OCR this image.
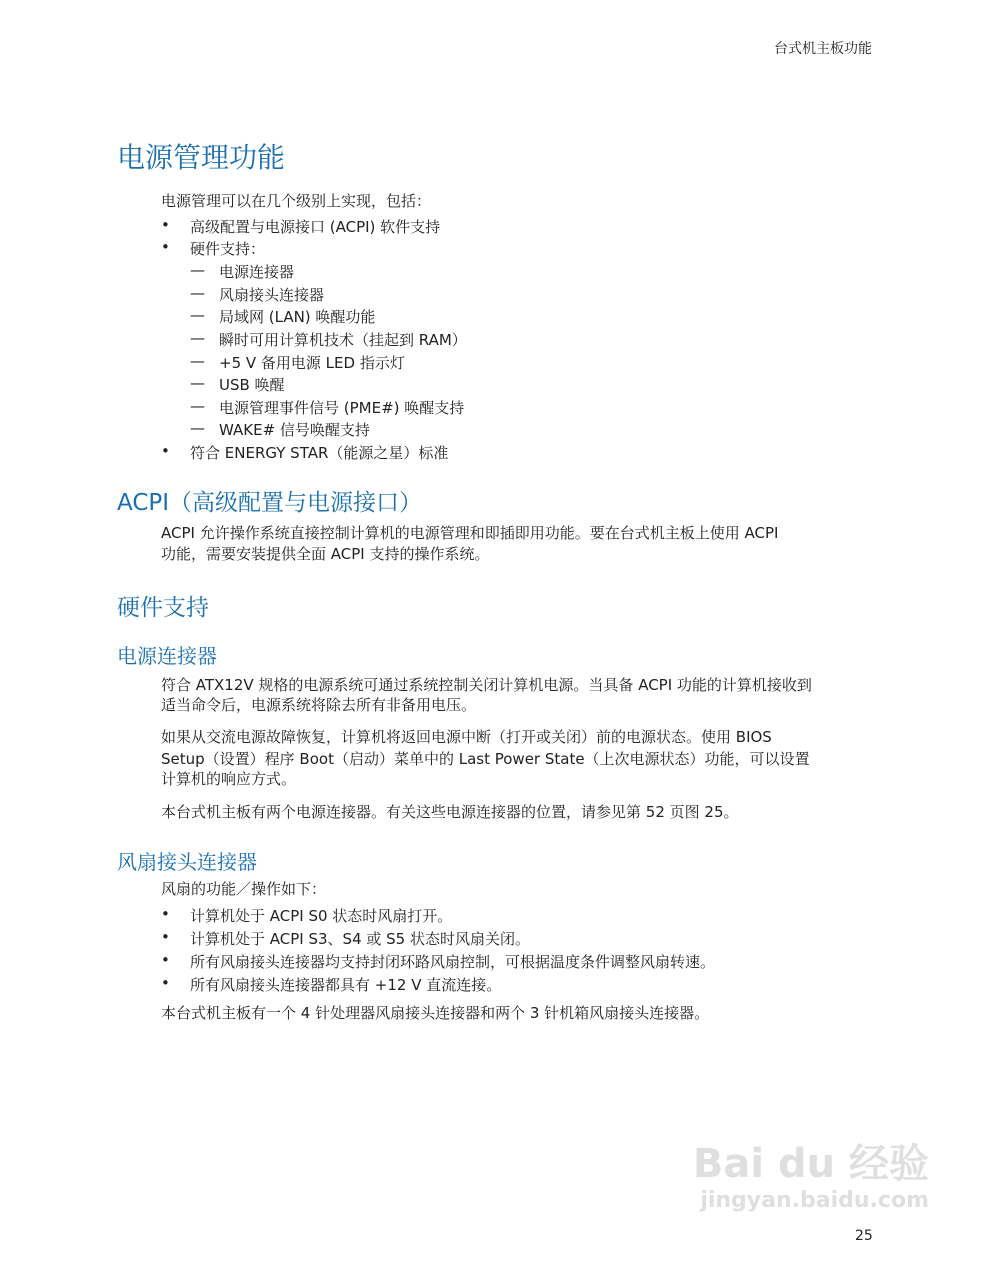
台式机主板功能
电源管理功能
电源管理可以在几个级别上实现，包括：
• 高级配置与电源接口 (ACPI) 软件支持
• 硬件支持：
— 电源连接器
— 风扇接头连接器
— 局域网 (LAN) 唤醒功能
— 瞬时可用计算机技术（挂起到 RAM）
— +5 V 备用电源 LED 指示灯
— USB 唤醒
— 电源管理事件信号 (PME#) 唤醒支持
— WAKE# 信号唤醒支持
• 符合 ENERGY STAR（能源之星）标准
ACPI（高级配置与电源接口）
ACPI 允许操作系统直接控制计算机的电源管理和即插即用功能。要在台式机主板上使用 ACPI
功能，需要安装提供全面 ACPI 支持的操作系统。
硬件支持
电源连接器
符合 ATX12V 规格的电源系统可通过系统控制关闭计算机电源。当具备 ACPI 功能的计算机接收到
适当命令后，电源系统将除去所有非备用电压。
如果从交流电源故障恢复，计算机将返回电源中断（打开或关闭）前的电源状态。使用 BIOS
Setup（设置）程序 Boot（启动）菜单中的 Last Power State（上次电源状态）功能，可以设置
计算机的响应方式。
本台式机主板有两个电源连接器。有关这些电源连接器的位置，请参见第 52 页图 25。
风扇接头连接器
风扇的功能／操作如下：
• 计算机处于 ACPI S0 状态时风扇打开。
• 计算机处于 ACPI S3、S4 或 S5 状态时风扇关闭。
• 所有风扇接头连接器均支持封闭环路风扇控制，可根据温度条件调整风扇转速。
• 所有风扇接头连接器都具有 +12 V 直流连接。
本台式机主板有一个 4 针处理器风扇接头连接器和两个 3 针机箱风扇接头连接器。
Bai du 经验
jingyan.baidu.com
25
